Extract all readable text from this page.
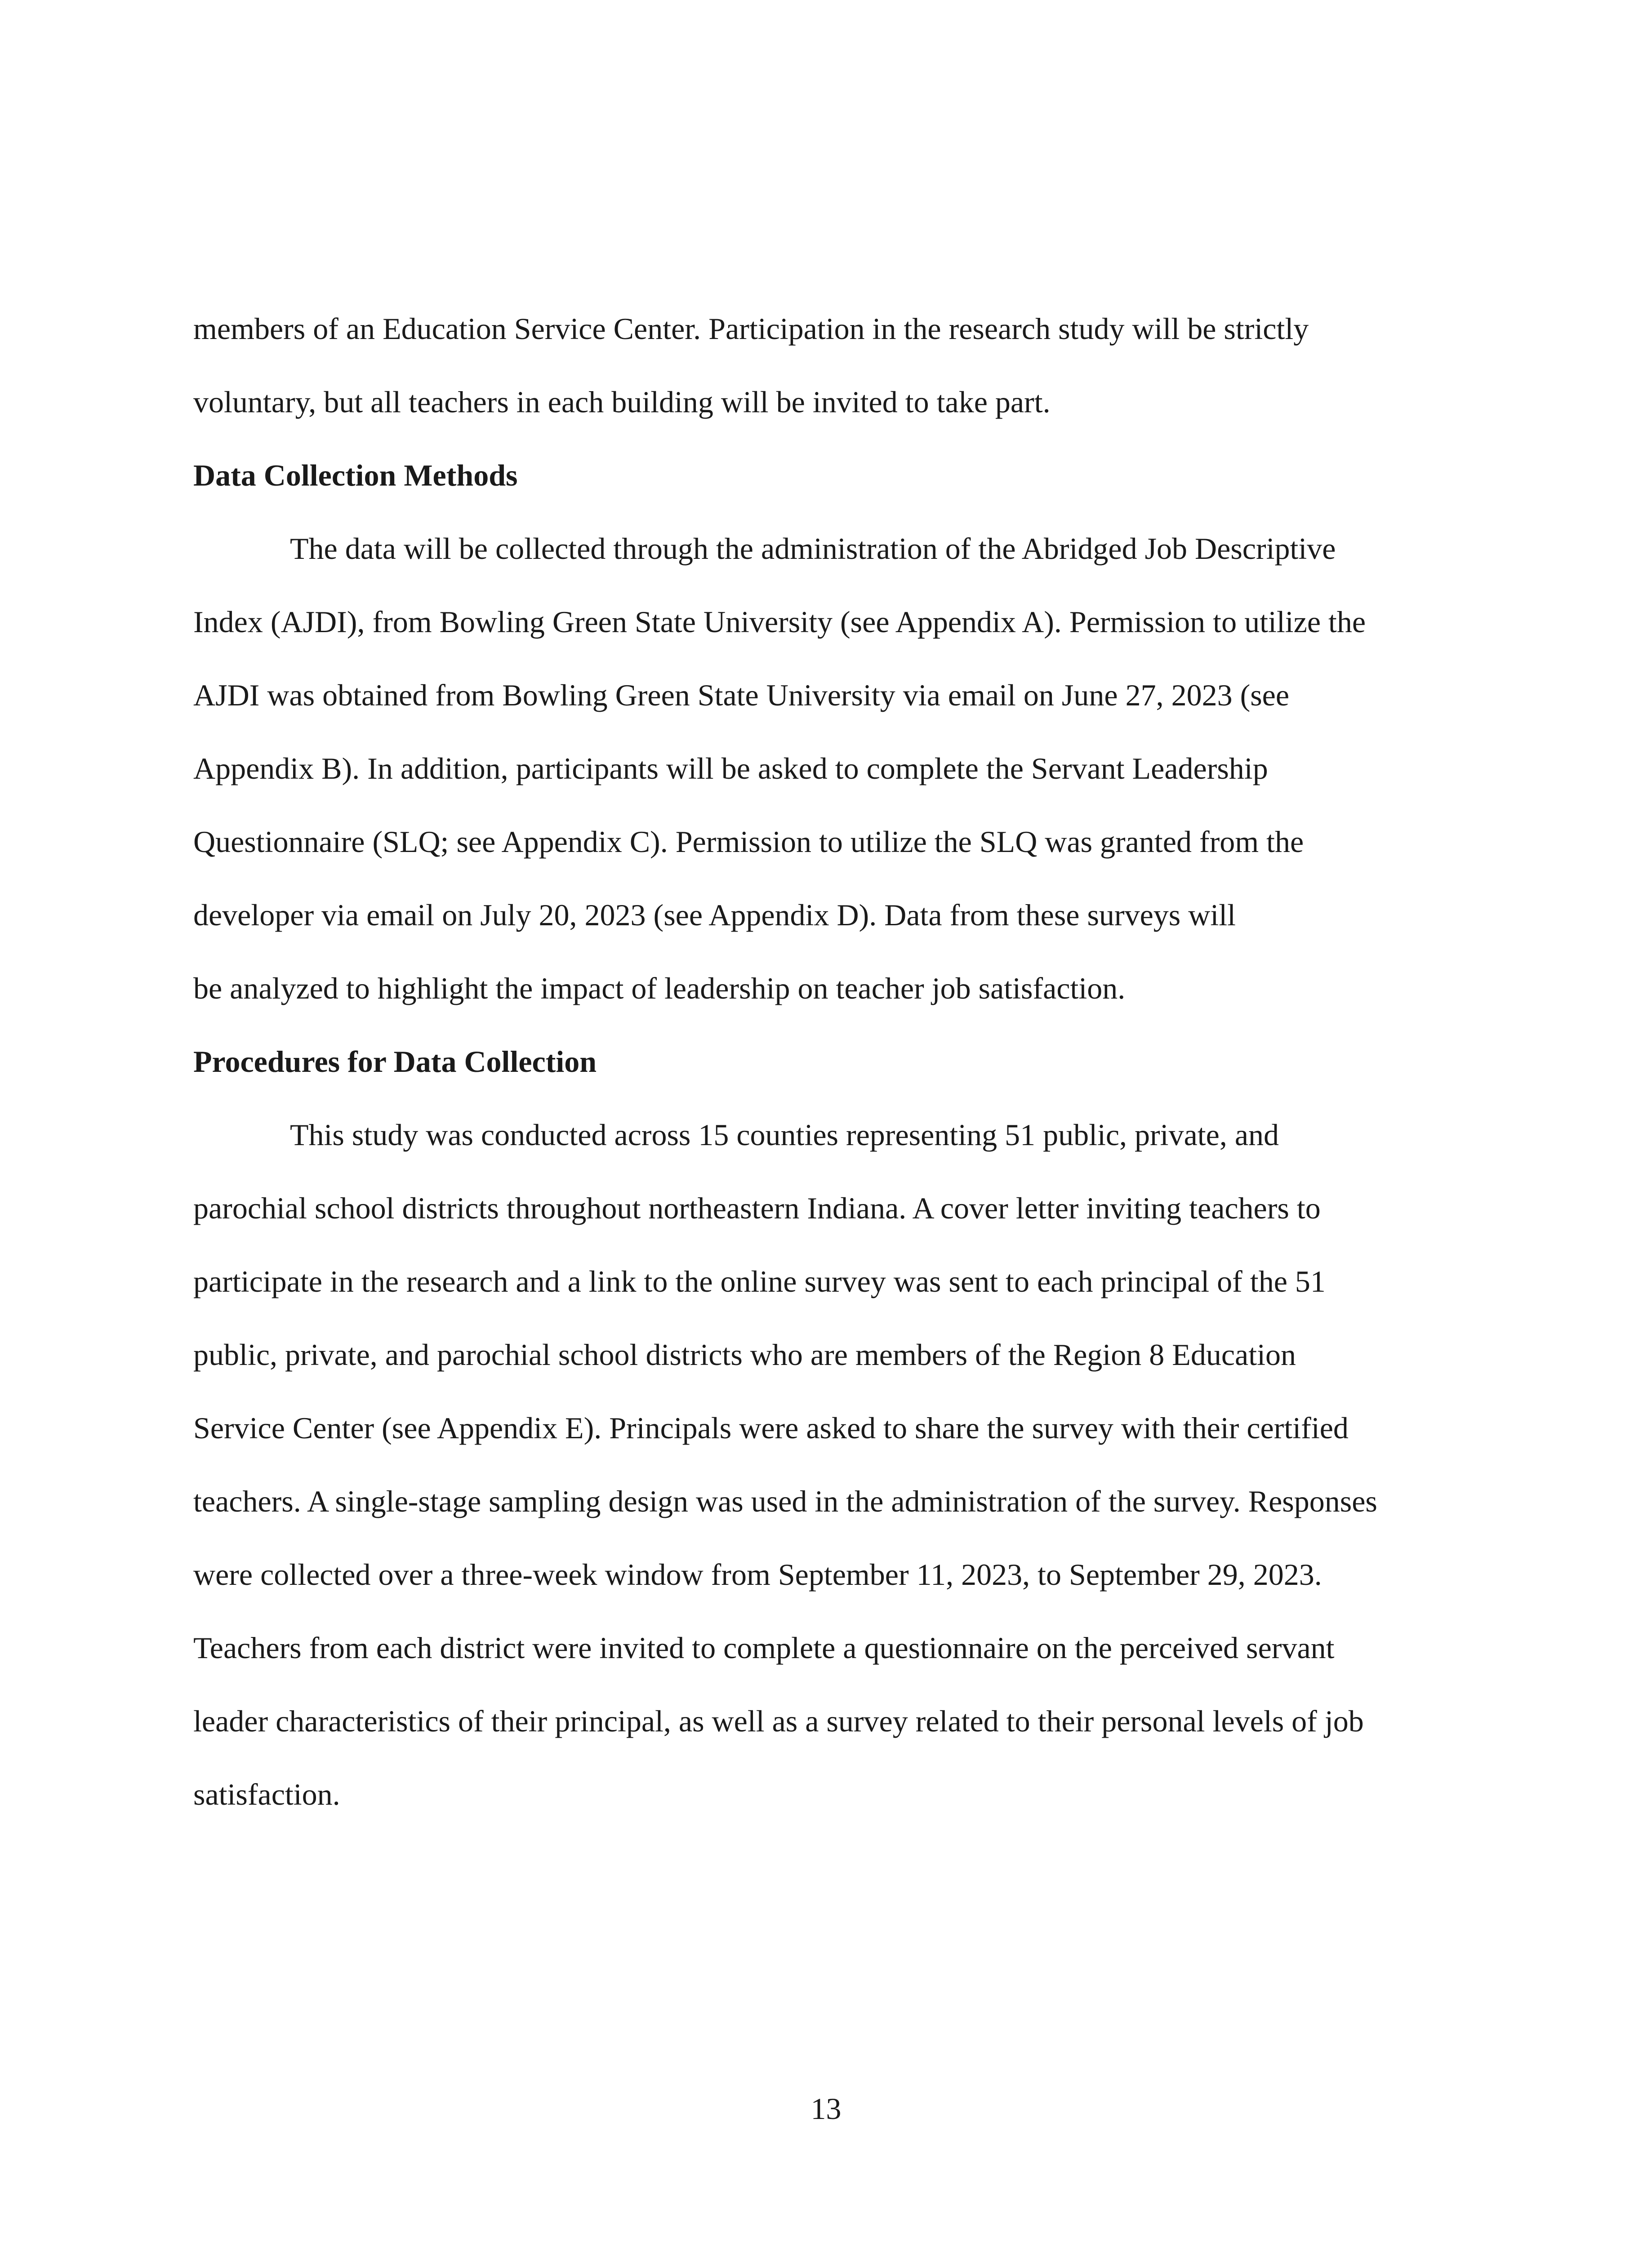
members of an Education Service Center. Participation in the research study will be strictly
voluntary, but all teachers in each building will be invited to take part.
Data Collection Methods
The data will be collected through the administration of the Abridged Job Descriptive
Index (AJDI), from Bowling Green State University (see Appendix A). Permission to utilize the
AJDI was obtained from Bowling Green State University via email on June 27, 2023 (see
Appendix B). In addition, participants will be asked to complete the Servant Leadership
Questionnaire (SLQ; see Appendix C). Permission to utilize the SLQ was granted from the
developer via email on July 20, 2023 (see Appendix D). Data from these surveys will
be analyzed to highlight the impact of leadership on teacher job satisfaction.
Procedures for Data Collection
This study was conducted across 15 counties representing 51 public, private, and
parochial school districts throughout northeastern Indiana. A cover letter inviting teachers to
participate in the research and a link to the online survey was sent to each principal of the 51
public, private, and parochial school districts who are members of the Region 8 Education
Service Center (see Appendix E). Principals were asked to share the survey with their certified
teachers. A single-stage sampling design was used in the administration of the survey. Responses
were collected over a three-week window from September 11, 2023, to September 29, 2023.
Teachers from each district were invited to complete a questionnaire on the perceived servant
leader characteristics of their principal, as well as a survey related to their personal levels of job
satisfaction.
13
